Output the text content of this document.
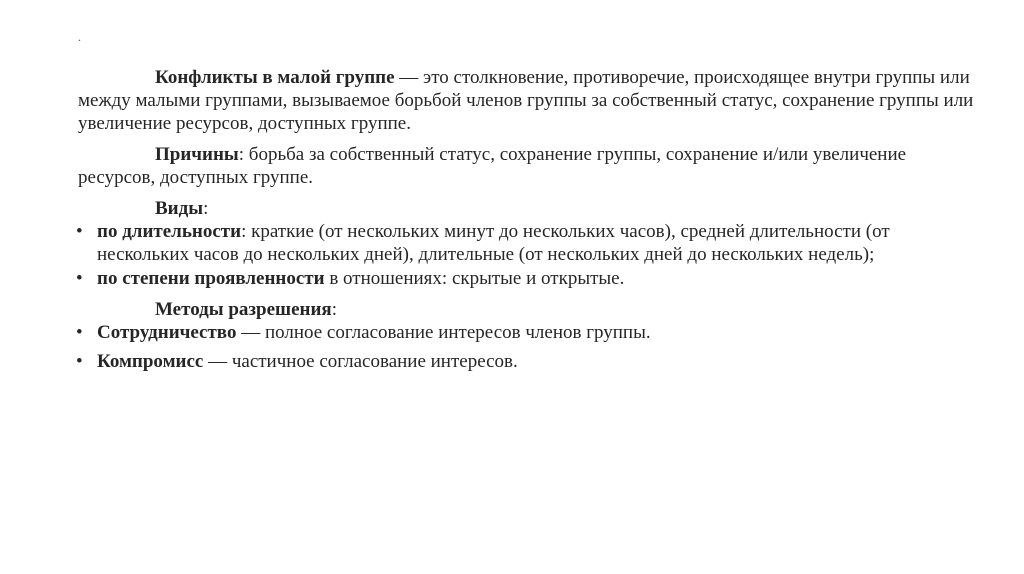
.

Конфликты в малой группе — это столкновение, противоречие, происходящее внутри группы или между малыми группами, вызываемое борьбой членов группы за собственный статус, сохранение группы или увеличение ресурсов, доступных группе.

Причины: борьба за собственный статус, сохранение группы, сохранение и/или увеличение ресурсов, доступных группе.

Виды:

• по длительности: краткие (от нескольких минут до нескольких часов), средней длительности (от нескольких часов до нескольких дней), длительные (от нескольких дней до нескольких недель);
• по степени проявленности в отношениях: скрытые и открытые.

Методы разрешения:

• Сотрудничество — полное согласование интересов членов группы.
• Компромисс — частичное согласование интересов.
